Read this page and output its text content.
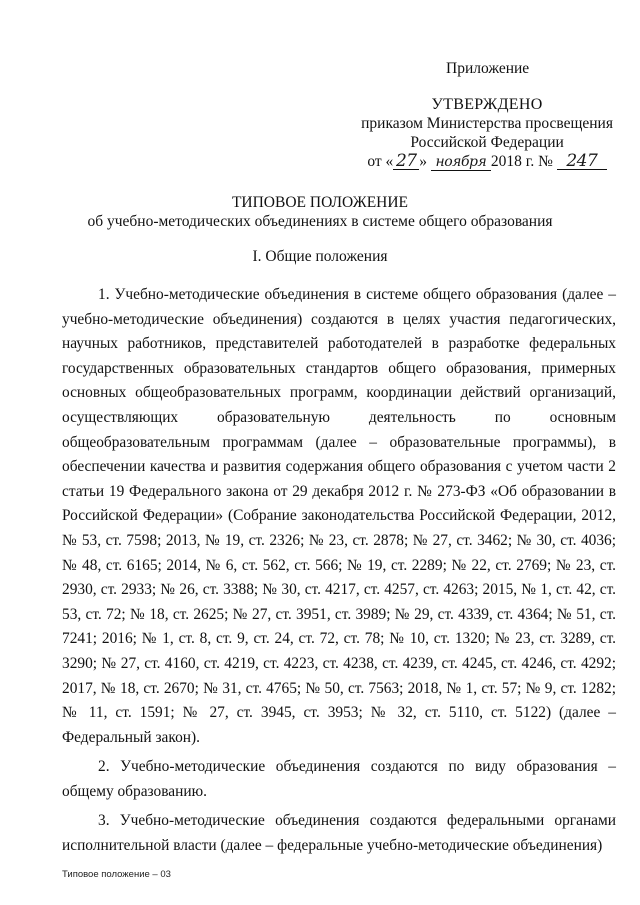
Приложение
УТВЕРЖДЕНО
приказом Министерства просвещения
Российской Федерации
от « 27 » ноября 2018 г. № 247
ТИПОВОЕ ПОЛОЖЕНИЕ
об учебно-методических объединениях в системе общего образования
I. Общие положения

1. Учебно-методические объединения в системе общего образования (далее – учебно-методические объединения) создаются в целях участия педагогических, научных работников, представителей работодателей в разработке федеральных государственных образовательных стандартов общего образования, примерных основных общеобразовательных программ, координации действий организаций, осуществляющих образовательную деятельность по основным общеобразовательным программам (далее – образовательные программы), в обеспечении качества и развития содержания общего образования с учетом части 2 статьи 19 Федерального закона от 29 декабря 2012 г. № 273-ФЗ «Об образовании в Российской Федерации» (Собрание законодательства Российской Федерации, 2012, № 53, ст. 7598; 2013, № 19, ст. 2326; № 23, ст. 2878; № 27, ст. 3462; № 30, ст. 4036; № 48, ст. 6165; 2014, № 6, ст. 562, ст. 566; № 19, ст. 2289; № 22, ст. 2769; № 23, ст. 2930, ст. 2933; № 26, ст. 3388; № 30, ст. 4217, ст. 4257, ст. 4263; 2015, № 1, ст. 42, ст. 53, ст. 72; № 18, ст. 2625; № 27, ст. 3951, ст. 3989; № 29, ст. 4339, ст. 4364; № 51, ст. 7241; 2016; № 1, ст. 8, ст. 9, ст. 24, ст. 72, ст. 78; № 10, ст. 1320; № 23, ст. 3289, ст. 3290; № 27, ст. 4160, ст. 4219, ст. 4223, ст. 4238, ст. 4239, ст. 4245, ст. 4246, ст. 4292; 2017, № 18, ст. 2670; № 31, ст. 4765; № 50, ст. 7563; 2018, № 1, ст. 57; № 9, ст. 1282; № 11, ст. 1591; № 27, ст. 3945, ст. 3953; № 32, ст. 5110, ст. 5122) (далее – Федеральный закон).

2. Учебно-методические объединения создаются по виду образования – общему образованию.

3. Учебно-методические объединения создаются федеральными органами исполнительной власти (далее – федеральные учебно-методические объединения)

Типовое положение – 03
